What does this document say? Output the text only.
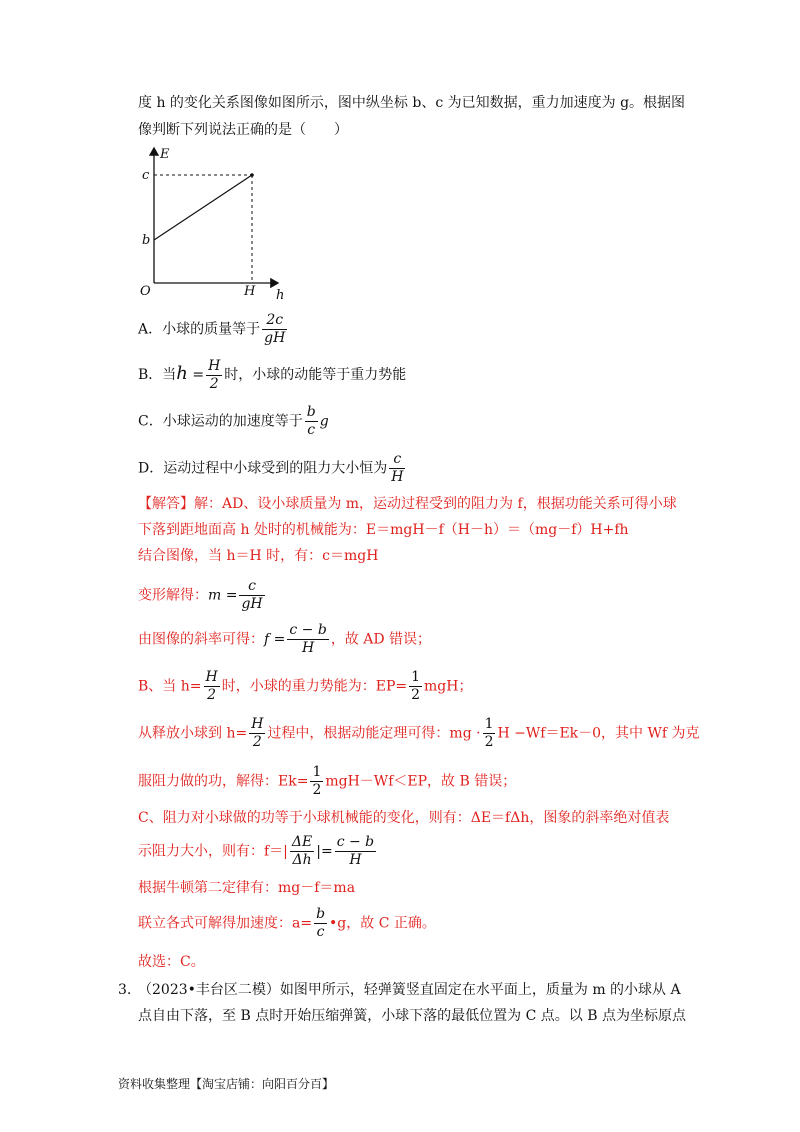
度 h 的变化关系图像如图所示，图中纵坐标 b、c 为已知数据，重力加速度为 g。根据图
像判断下列说法正确的是（　　）
E
h
O	H
b
c
A．小球的质量等于 $\frac{2c}{gH}$
B．当$h = \frac{H}{2}$ 时，小球的动能等于重力势能
C．小球运动的加速度等于 $\frac{b}{c}$ g
D．运动过程中小球受到的阻力大小恒为 $\frac{c}{H}$
【解答】解：AD、设小球质量为 m，运动过程受到的阻力为 f，根据功能关系可得小球
下落到距地面高 h 处时的机械能为：E＝mgH－f（H－h）＝（mg－f）H+fh
结合图像，当 h＝H 时，有：c＝mgH
变形解得：$m = \frac{c}{gH}$
由图像的斜率可得：$f = \frac{c - b}{H}$ ，故 AD 错误；
B、当 $h= \frac{H}{2}$ 时，小球的重力势能为：$EP= \frac{1}{2}$ mgH；
从释放小球到 $h= \frac{H}{2}$ 过程中，根据动能定理可得：mg · $\frac{1}{2}$ H −Wf＝Ek－0，其中 Wf 为克
服阻力做的功，解得：$Ek= \frac{1}{2} mgH-Wf<EP$，故 B 错误；
C、阻力对小球做的功等于小球机械能的变化，则有：ΔE＝fΔh，图象的斜率绝对值表
示阻力大小，则有：$f=| \frac{\Delta E}{\Delta h}$ |= $\frac{c - b}{H}$
根据牛顿第二定律有：mg－f＝ma
联立各式可解得加速度：$a= \frac{b}{c}$ •g，故 C 正确。
故选：C。
3. （2023•丰台区二模）如图甲所示，轻弹簧竖直固定在水平面上，质量为 m 的小球从 A
点自由下落，至 B 点时开始压缩弹簧，小球下落的最低位置为 C 点。以 B 点为坐标原点
资料收集整理【淘宝店铺：向阳百分百】
